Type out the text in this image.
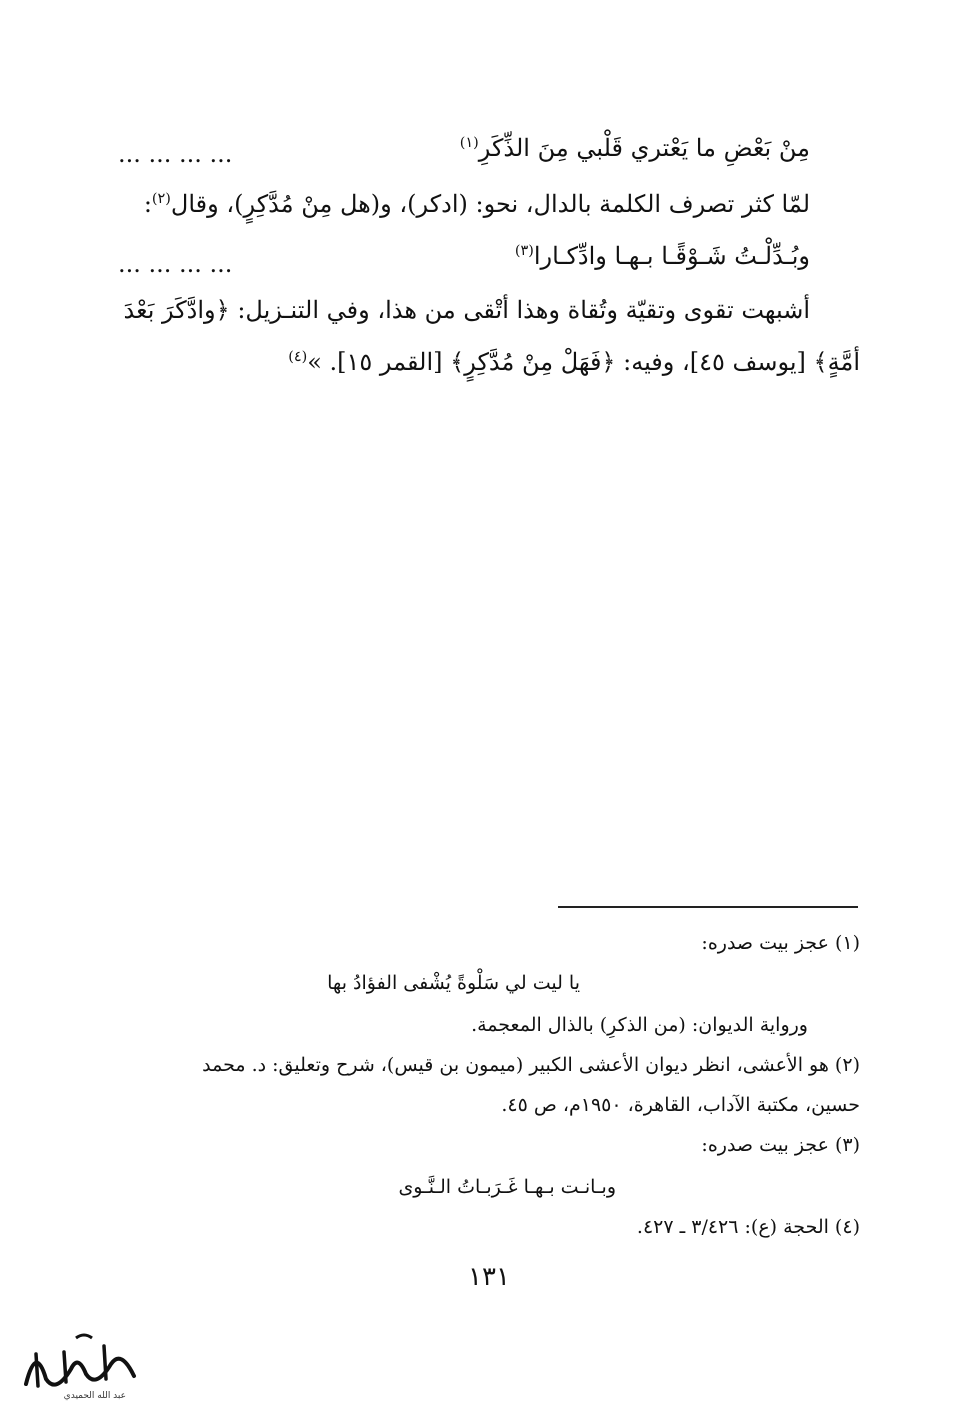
مِنْ بَعْضِ ما يَعْتري قَلْبي مِنَ الذِّكَرِ$^{(١)}$
... ... ... ...
لمّا كثر تصرف الكلمة بالدال، نحو: (ادكر)، و(هل مِنْ مُدَّكِرٍ)، وقال$^{(٢)}$:
وبُـدِّلْـتُ شَـوْقًـا بـهـا وادِّكـارا$^{(٣)}$
... ... ... ...
أشبهت تقوى وتقيّة وتُقاة وهذا أتْقى من هذا، وفي التنـزيل: ﴿وادَّكَرَ بَعْدَ
أمَّةٍ﴾ [يوسف ٤٥]، وفيه: ﴿فَهَلْ مِنْ مُدَّكِرٍ﴾ [القمر ١٥]. »$^{(٤)}$
(١) عجز بيت صدره:
يا ليت لي سَلْوةً يُشْفى الفؤادُ بها
ورواية الديوان: (من الذكرِ) بالذال المعجمة.
(٢) هو الأعشى، انظر ديوان الأعشى الكبير (ميمون بن قيس)، شرح وتعليق: د. محمد
حسين، مكتبة الآداب، القاهرة، ١٩٥٠م، ص ٤٥.
(٣) عجز بيت صدره:
وبـانـت بـهـا غَـرَبـاتُ الـنَّـوى
(٤) الحجة (ع): ٣/٤٢٦ ـ ٤٢٧.
١٣١
عبد الله الحميدي
